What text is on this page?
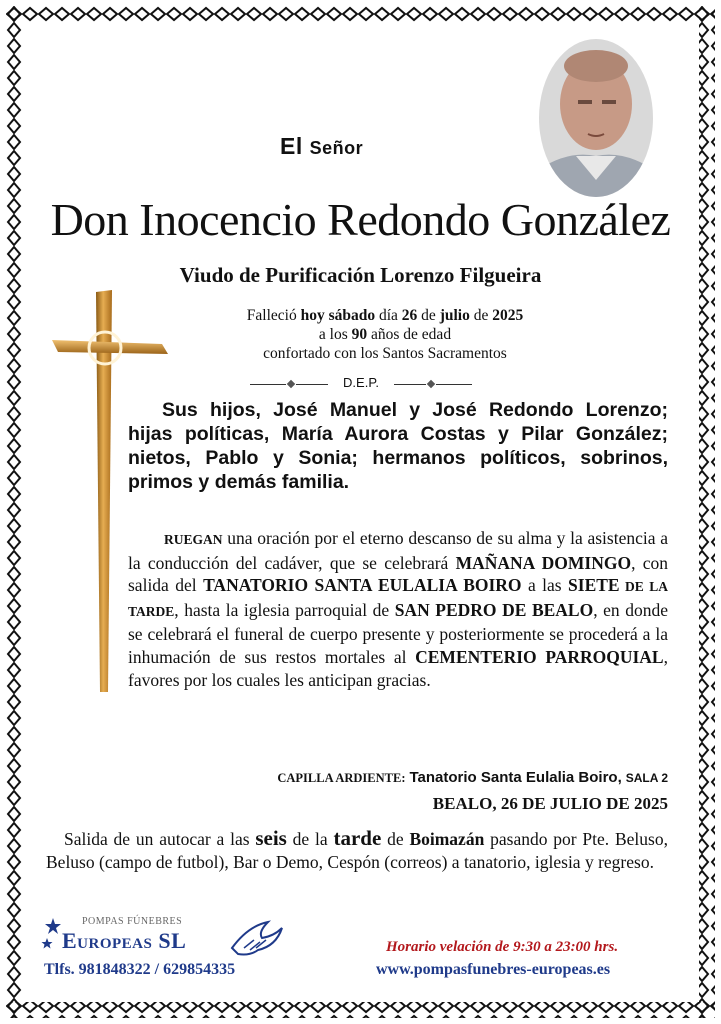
El Señor
Don Inocencio Redondo González
Viudo de Purificación Lorenzo Filgueira
Falleció hoy sábado día 26 de julio de 2025
a los 90 años de edad
confortado con los Santos Sacramentos
D.E.P.
Sus hijos, José Manuel y José Redondo Lorenzo; hijas políticas, María Aurora Costas y Pilar González; nietos, Pablo y Sonia; hermanos políticos, sobrinos, primos y demás familia.
RUEGAN una oración por el eterno descanso de su alma y la asistencia a la conducción del cadáver, que se celebrará MAÑANA DOMINGO, con salida del TANATORIO SANTA EULALIA BOIRO a las SIETE DE LA TARDE, hasta la iglesia parroquial de SAN PEDRO DE BEALO, en donde se celebrará el funeral de cuerpo presente y posteriormente se procederá a la inhumación de sus restos mortales al CEMENTERIO PARROQUIAL, favores por los cuales les anticipan gracias.
CAPILLA ARDIENTE: Tanatorio Santa Eulalia Boiro, SALA 2
BEALO, 26 DE JULIO DE 2025
Salida de un autocar a las seis de la tarde de Boimazán pasando por Pte. Beluso, Beluso (campo de futbol), Bar o Demo, Cespón (correos) a tanatorio, iglesia y regreso.
POMPAS FÚNEBRES
Europeas SL
Tlfs. 981848322 / 629854335
Horario velación de 9:30 a 23:00 hrs.
www.pompasfunebres-europeas.es
